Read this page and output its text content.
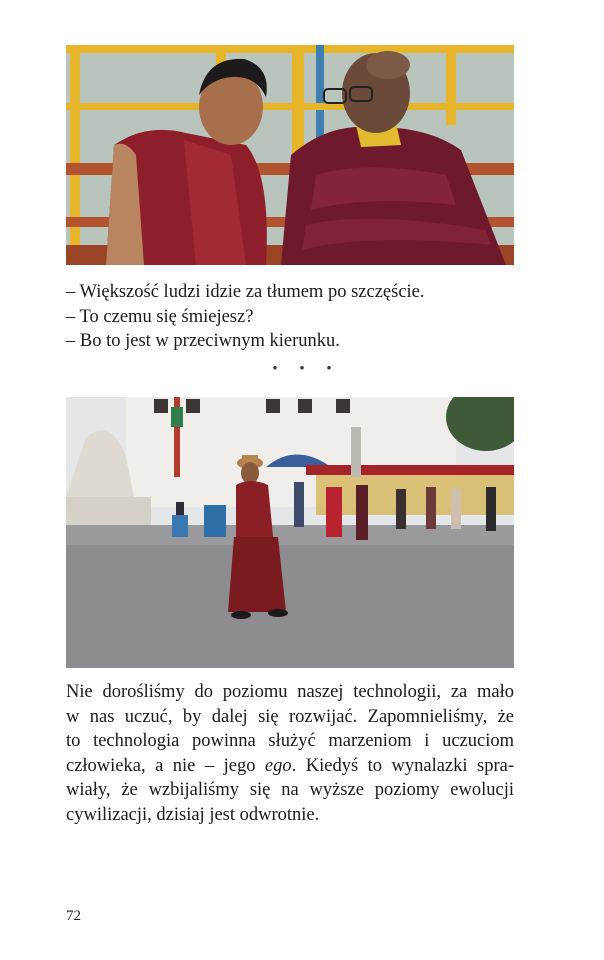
– Większość ludzi idzie za tłumem po szczęście.
– To czemu się śmiejesz?
– Bo to jest w przeciwnym kierunku.
• • •
Nie dorośliśmy do poziomu naszej technologii, za mało
w nas uczuć, by dalej się rozwijać. Zapomnieliśmy, że
to technologia powinna służyć marzeniom i uczuciom
człowieka, a nie – jego ego. Kiedyś to wynalazki spra-
wiały, że wzbijaliśmy się na wyższe poziomy ewolucji
cywilizacji, dzisiaj jest odwrotnie.
72
